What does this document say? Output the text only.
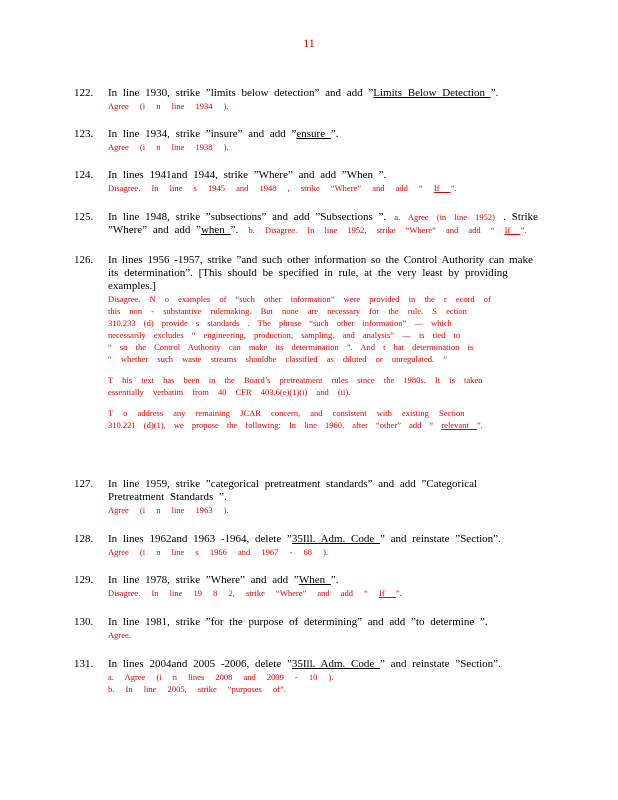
11
122. In line 1930, strike ”limits below detection” and add ”Limits Below Detection ”.

Agree (i n line 1934 ).

123. In line 1934, strike ”insure” and add ”ensure ”.

Agree (i n line 1938 ).

124. In lines 1941and 1944, strike ”Where” and add ”When ”.

Disagree. In line s 1945 and 1948 , strike “Where” and add “ If ”.

125. In line 1948, strike ”subsections” and add ”Subsections ”. a. Agree (in line 1952) . Strike

”Where” and add ”when ”. b. Disagree. In line 1952, strike “Where” and add “ If ”.

126. In lines 1956 -1957, strike ”and such other information so the Control Authority can make

its determination”. [This should be specified in rule, at the very least by providing

examples.]

Disagree. N o examples of “such other information” were provided in the r ecord of

this non - substantive rulemaking. But none are necessary for the rule. S ection

310.233 (d) provide s standards . The phrase “such other information” — which

necessarily excludes “ engineering, production, sampling, and analysis” — is tied to

“ so the Control Authority can make its determination ”. And t hat determination is

“ whether such waste streams shouldbe classified as diluted or unregulated. ”

T his text has been in the Board’s pretreatment rules since the 1980s. It is taken

essentially verbatim from 40 CFR 403.6(e)(1)(i) and (ii).

T o address any remaining JCAR concern, and consistent with existing Section

310.221 (d)(1), we propose the following: In line 1960, after “other” add “ relevant ”.

127. In line 1959, strike ”categorical pretreatment standards” and add ”Categorical

Pretreatment Standards ”.

Agree (i n line 1963 ).

128. In lines 1962and 1963 -1964, delete ”35Ill. Adm. Code ” and reinstate ”Section”.

Agree (i n line s 1966 and 1967 - 68 ).

129. In line 1978, strike ”Where” and add ”When ”.

Disagree. In line 19 8 2, strike “Where” and add “ If ”.

130. In line 1981, strike ”for the purpose of determining” and add ”to determine ”.

Agree.

131. In lines 2004and 2005 -2006, delete ”35Ill. Adm. Code ” and reinstate ”Section”.

a. Agree (i n lines 2008 and 2009 - 10 ).

b. In line 2005, strike “purposes of”.
